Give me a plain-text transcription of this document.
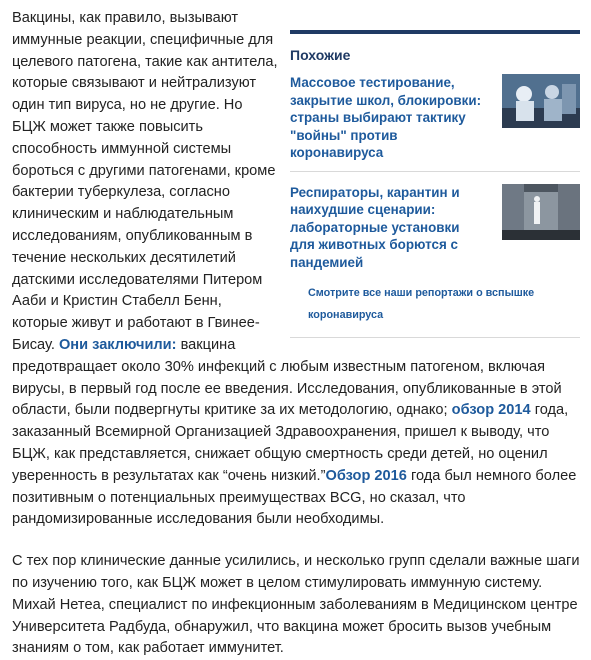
Похожие
Массовое тестирование, закрытие школ, блокировки: страны выбирают тактику "войны" против коронавируса
Респираторы, карантин и наихудшие сценарии: лабораторные установки для животных борются с пандемией
Смотрите все наши репортажи о вспышке коронавируса

Вакцины, как правило, вызывают иммунные реакции, специфичные для целевого патогена, такие как антитела, которые связывают и нейтрализуют один тип вируса, но не другие. Но БЦЖ может также повысить способность иммунной системы бороться с другими патогенами, кроме бактерии туберкулеза, согласно клиническим и наблюдательным исследованиям, опубликованным в течение нескольких десятилетий датскими исследователями Питером Ааби и Кристин Стабелл Бенн, которые живут и работают в Гвинее-Бисау. Они заключили: вакцина предотвращает около 30% инфекций с любым известным патогеном, включая вирусы, в первый год после ее введения. Исследования, опубликованные в этой области, были подвергнуты критике за их методологию, однако; обзор 2014 года, заказанный Всемирной Организацией Здравоохранения, пришел к выводу, что БЦЖ, как представляется, снижает общую смертность среди детей, но оценил уверенность в результатах как “очень низкий.”Обзор 2016 года был немного более позитивным о потенциальных преимуществах BCG, но сказал, что рандомизированные исследования были необходимы.

С тех пор клинические данные усилились, и несколько групп сделали важные шаги по изучению того, как БЦЖ может в целом стимулировать иммунную систему. Михай Нетеа, специалист по инфекционным заболеваниям в Медицинском центре Университета Радбуда, обнаружил, что вакцина может бросить вызов учебным знаниям о том, как работает иммунитет.
